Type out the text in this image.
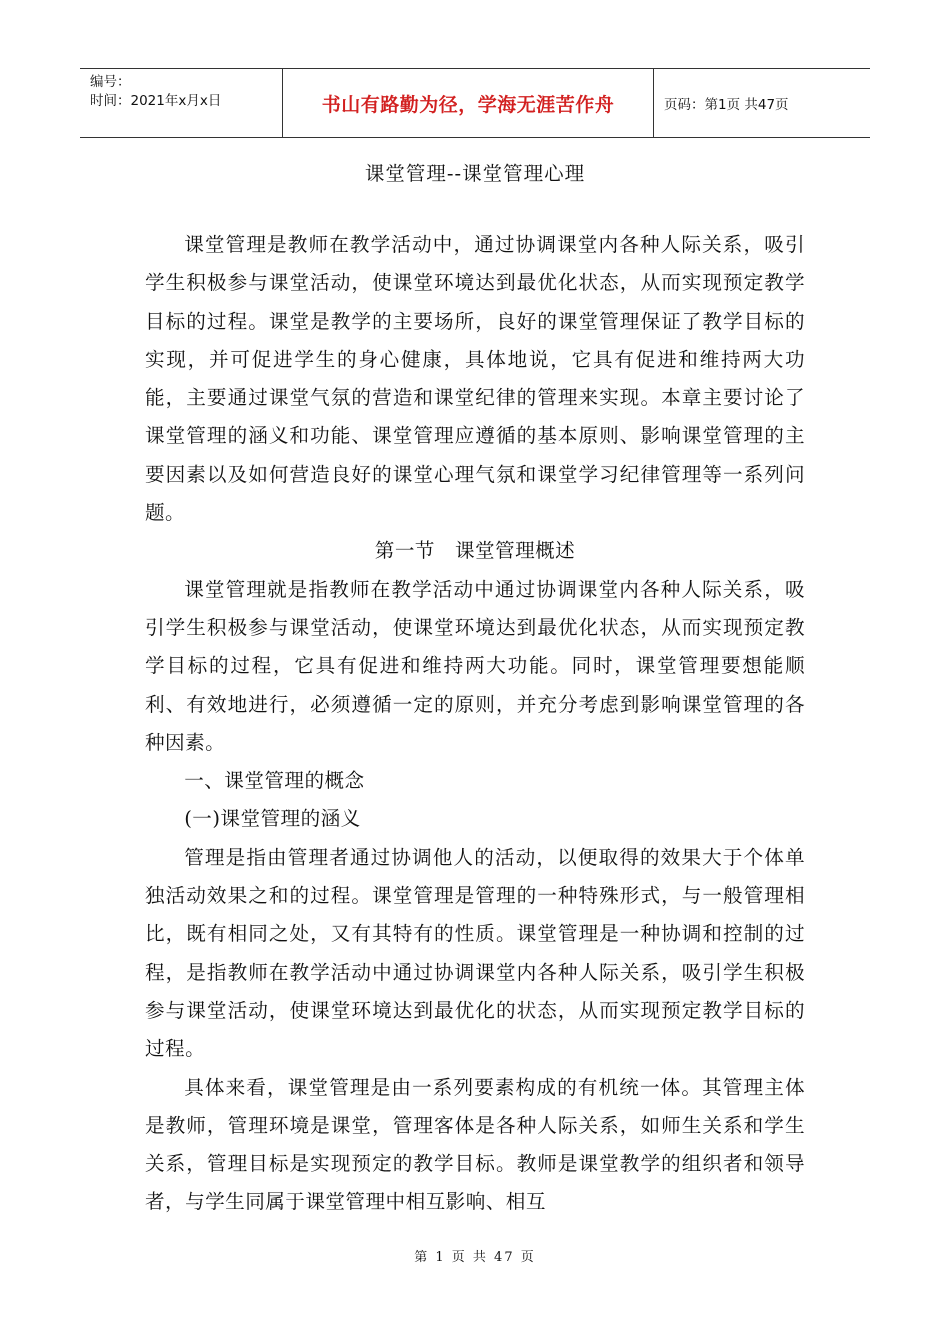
编号：
时间：2021年x月x日	书山有路勤为径，学海无涯苦作舟	页码：第1页 共47页
课堂管理--课堂管理心理

课堂管理是教师在教学活动中，通过协调课堂内各种人际关系，吸引学生积极参与课堂活动，使课堂环境达到最优化状态，从而实现预定教学目标的过程。课堂是教学的主要场所，良好的课堂管理保证了教学目标的实现，并可促进学生的身心健康，具体地说，它具有促进和维持两大功能，主要通过课堂气氛的营造和课堂纪律的管理来实现。本章主要讨论了课堂管理的涵义和功能、课堂管理应遵循的基本原则、影响课堂管理的主要因素以及如何营造良好的课堂心理气氛和课堂学习纪律管理等一系列问题。

第一节　课堂管理概述

课堂管理就是指教师在教学活动中通过协调课堂内各种人际关系，吸引学生积极参与课堂活动，使课堂环境达到最优化状态，从而实现预定教学目标的过程，它具有促进和维持两大功能。同时，课堂管理要想能顺利、有效地进行，必须遵循一定的原则，并充分考虑到影响课堂管理的各种因素。

一、课堂管理的概念

(一)课堂管理的涵义

管理是指由管理者通过协调他人的活动，以便取得的效果大于个体单独活动效果之和的过程。课堂管理是管理的一种特殊形式，与一般管理相比，既有相同之处，又有其特有的性质。课堂管理是一种协调和控制的过程，是指教师在教学活动中通过协调课堂内各种人际关系，吸引学生积极参与课堂活动，使课堂环境达到最优化的状态，从而实现预定教学目标的过程。

具体来看，课堂管理是由一系列要素构成的有机统一体。其管理主体是教师，管理环境是课堂，管理客体是各种人际关系，如师生关系和学生关系，管理目标是实现预定的教学目标。教师是课堂教学的组织者和领导者，与学生同属于课堂管理中相互影响、相互

第 1 页 共 47 页
